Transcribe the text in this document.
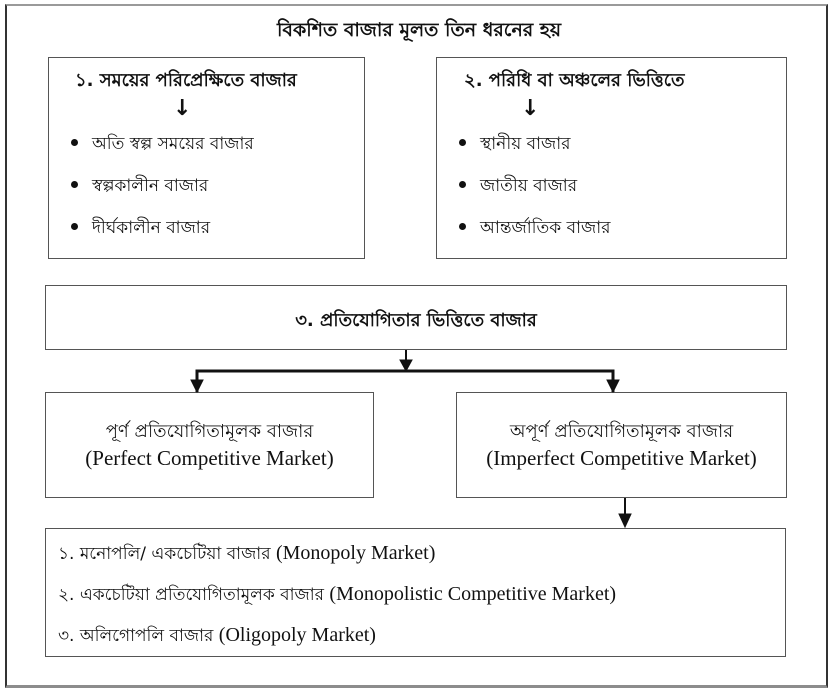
বিকশিত বাজার মূলত তিন ধরনের হয়
১. সময়ের পরিপ্রেক্ষিতে বাজার
↓
অতি স্বল্প সময়ের বাজার
স্বল্পকালীন বাজার
দীর্ঘকালীন বাজার
২. পরিধি বা অঞ্চলের ভিত্তিতে
↓
স্থানীয় বাজার
জাতীয় বাজার
আন্তর্জাতিক বাজার
৩. প্রতিযোগিতার ভিত্তিতে বাজার
পূর্ণ প্রতিযোগিতামূলক বাজার
(Perfect Competitive Market)
অপূর্ণ প্রতিযোগিতামূলক বাজার
(Imperfect Competitive Market)
১. মনোপলি/ একচেটিয়া বাজার (Monopoly Market)
২. একচেটিয়া প্রতিযোগিতামূলক বাজার (Monopolistic Competitive Market)
৩. অলিগোপলি বাজার (Oligopoly Market)
